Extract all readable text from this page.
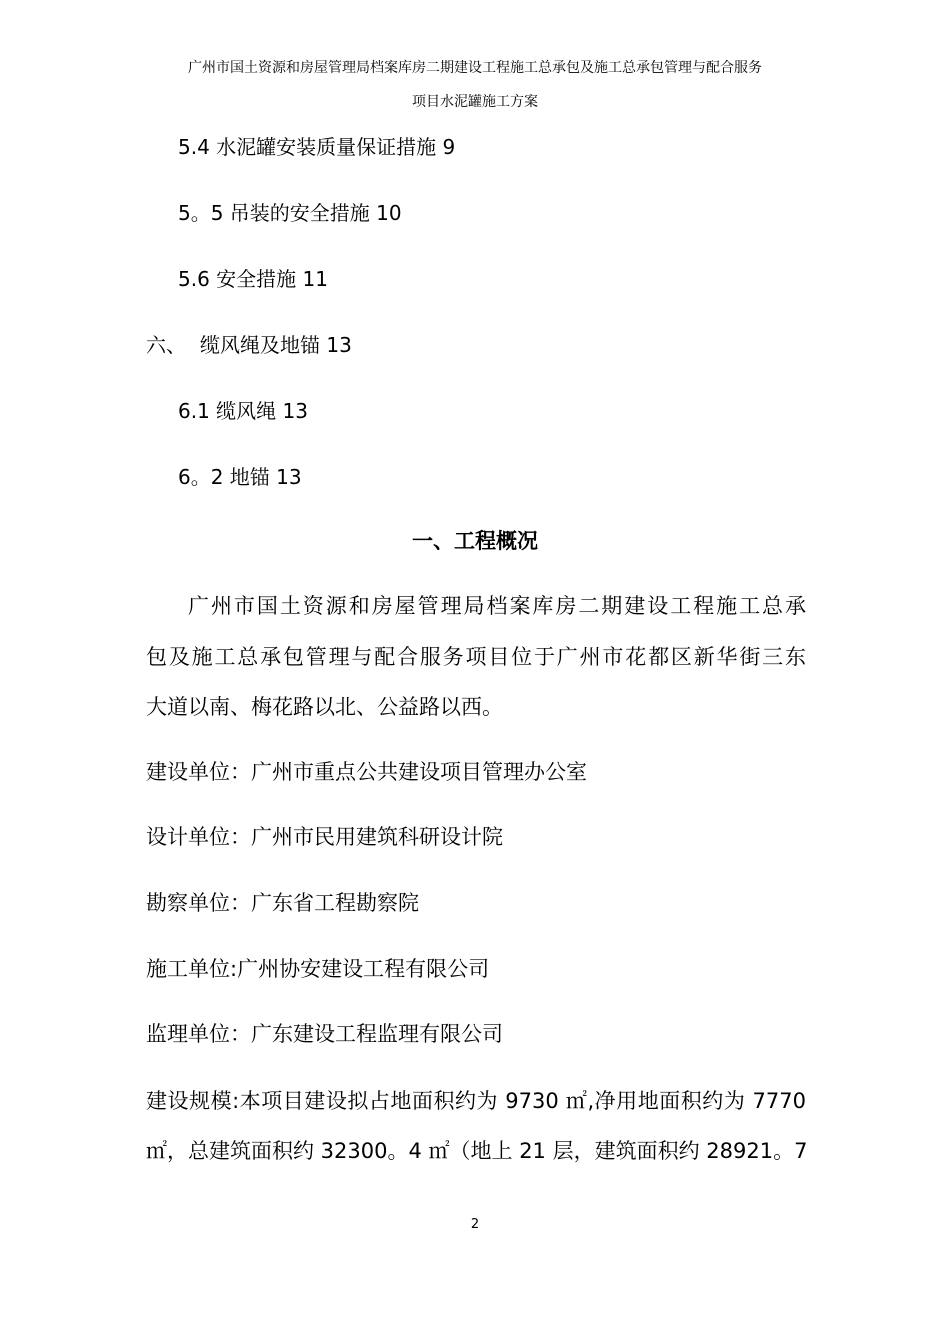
广州市国土资源和房屋管理局档案库房二期建设工程施工总承包及施工总承包管理与配合服务
项目水泥罐施工方案
5.4 水泥罐安装质量保证措施 9
5。5 吊装的安全措施 10
5.6 安全措施 11
六、 缆风绳及地锚 13
6.1 缆风绳 13
6。2 地锚 13
一、工程概况
广州市国土资源和房屋管理局档案库房二期建设工程施工总承
包及施工总承包管理与配合服务项目位于广州市花都区新华街三东
大道以南、梅花路以北、公益路以西。
建设单位：广州市重点公共建设项目管理办公室
设计单位：广州市民用建筑科研设计院
勘察单位：广东省工程勘察院
施工单位:广州协安建设工程有限公司
监理单位：广东建设工程监理有限公司
建设规模:本项目建设拟占地面积约为 9730 ㎡,净用地面积约为 7770
㎡，总建筑面积约 32300。4 ㎡（地上 21 层，建筑面积约 28921。7
2
